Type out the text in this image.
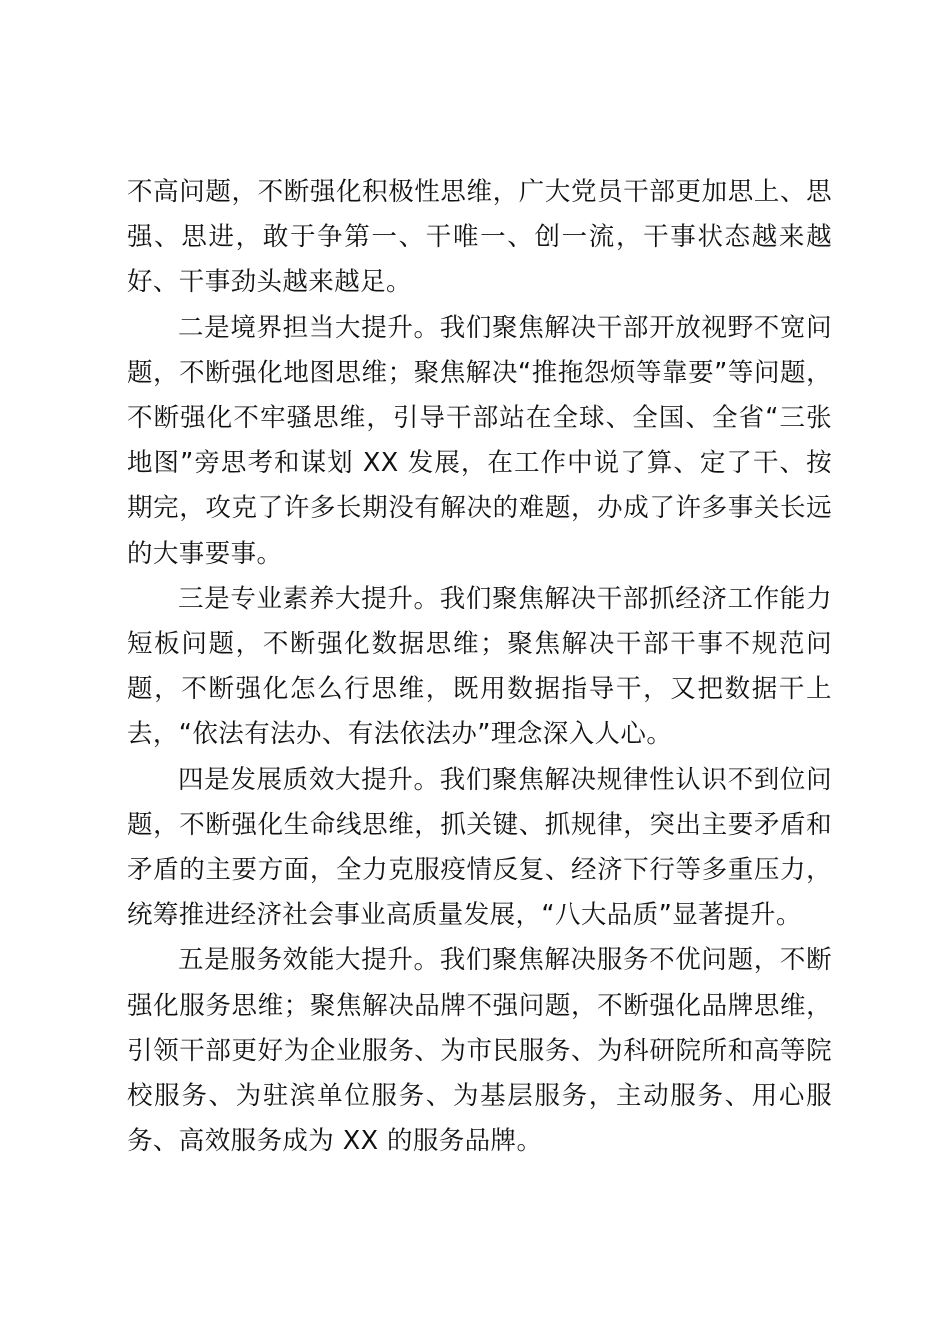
不高问题，不断强化积极性思维，广大党员干部更加思上、思强、思进，敢于争第一、干唯一、创一流，干事状态越来越好、干事劲头越来越足。

二是境界担当大提升。我们聚焦解决干部开放视野不宽问题，不断强化地图思维；聚焦解决“推拖怨烦等靠要”等问题，不断强化不牢骚思维，引导干部站在全球、全国、全省“三张地图”旁思考和谋划 XX 发展，在工作中说了算、定了干、按期完，攻克了许多长期没有解决的难题，办成了许多事关长远的大事要事。

三是专业素养大提升。我们聚焦解决干部抓经济工作能力短板问题，不断强化数据思维；聚焦解决干部干事不规范问题，不断强化怎么行思维，既用数据指导干，又把数据干上去，“依法有法办、有法依法办”理念深入人心。

四是发展质效大提升。我们聚焦解决规律性认识不到位问题，不断强化生命线思维，抓关键、抓规律，突出主要矛盾和矛盾的主要方面，全力克服疫情反复、经济下行等多重压力，统筹推进经济社会事业高质量发展，“八大品质”显著提升。

五是服务效能大提升。我们聚焦解决服务不优问题，不断强化服务思维；聚焦解决品牌不强问题，不断强化品牌思维，引领干部更好为企业服务、为市民服务、为科研院所和高等院校服务、为驻滨单位服务、为基层服务，主动服务、用心服务、高效服务成为 XX 的服务品牌。
